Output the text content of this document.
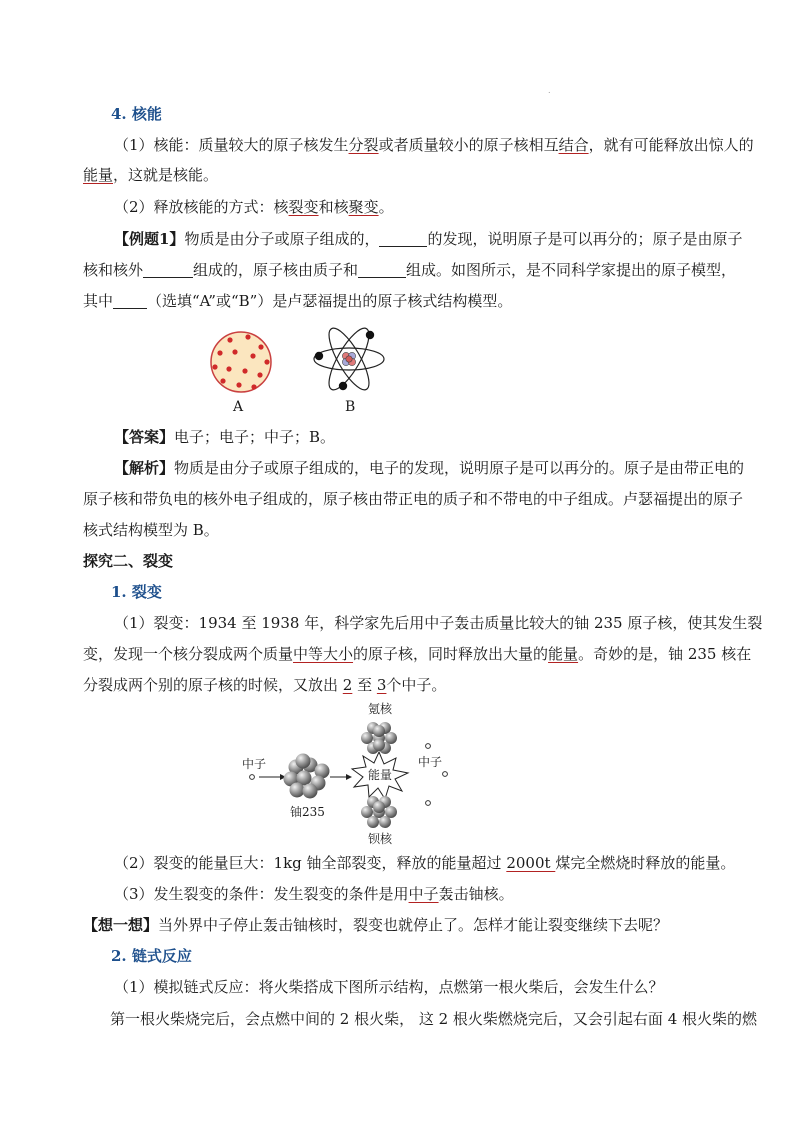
.
4. 核能
（1）核能：质量较大的原子核发生分裂或者质量较小的原子核相互结合，就有可能释放出惊人的
能量，这就是核能。
（2）释放核能的方式：核裂变和核聚变。
【例题1】物质是由分子或原子组成的，	的发现，说明原子是可以再分的；原子是由原子
核和核外	组成的，原子核由质子和	组成。如图所示，是不同科学家提出的原子模型，
其中 （选填“A”或“B”）是卢瑟福提出的原子核式结构模型。
A	B
【答案】电子；电子；中子；B。
【解析】物质是由分子或原子组成的，电子的发现，说明原子是可以再分的。原子是由带正电的
原子核和带负电的核外电子组成的，原子核由带正电的质子和不带电的中子组成。卢瑟福提出的原子
核式结构模型为 B。
探究二、裂变
1. 裂变
（1）裂变：1934 至 1938 年，科学家先后用中子轰击质量比较大的铀 235 原子核，使其发生裂
变，发现一个核分裂成两个质量中等大小的原子核，同时释放出大量的能量。奇妙的是，铀 235 核在
分裂成两个别的原子核的时候，又放出 2 至 3个中子。
氪核
中子
中子
铀235
能量
钡核
（2）裂变的能量巨大：1kg 铀全部裂变，释放的能量超过 2000t 煤完全燃烧时释放的能量。
（3）发生裂变的条件：发生裂变的条件是用中子轰击铀核。
【想一想】当外界中子停止轰击铀核时，裂变也就停止了。怎样才能让裂变继续下去呢？
2. 链式反应
（1）模拟链式反应：将火柴搭成下图所示结构，点燃第一根火柴后，会发生什么？
第一根火柴烧完后，会点燃中间的 2 根火柴， 这 2 根火柴燃烧完后，又会引起右面 4 根火柴的燃
